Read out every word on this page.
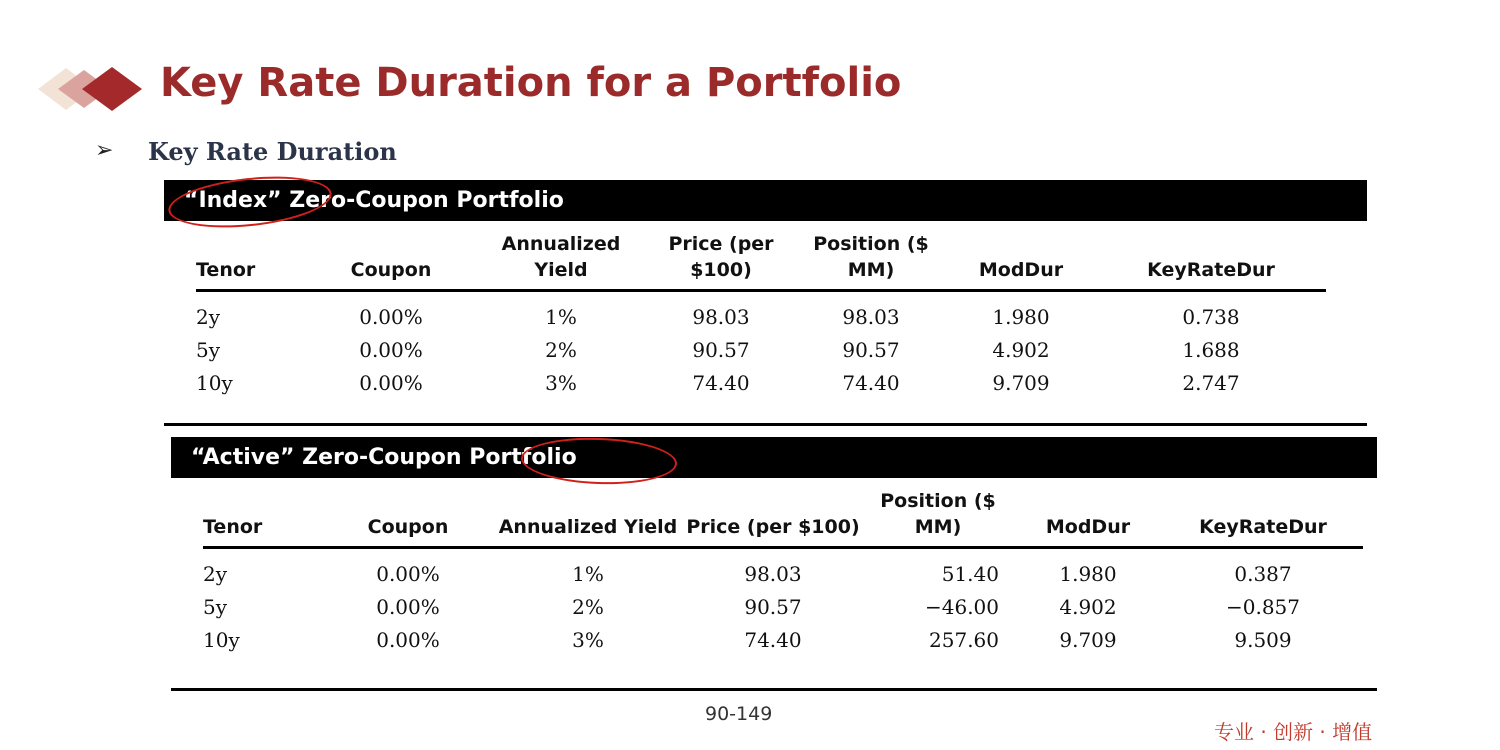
Key Rate Duration for a Portfolio
➢ Key Rate Duration
“Index” Zero-Coupon Portfolio
Tenor	Coupon	Annualized Yield	Price (per $100)	Position ($ MM)	ModDur	KeyRateDur
2y	0.00%	1%	98.03	98.03	1.980	0.738
5y	0.00%	2%	90.57	90.57	4.902	1.688
10y	0.00%	3%	74.40	74.40	9.709	2.747
“Active” Zero-Coupon Portfolio
Tenor	Coupon	Annualized Yield	Price (per $100)	Position ($ MM)	ModDur	KeyRateDur
2y	0.00%	1%	98.03	51.40	1.980	0.387
5y	0.00%	2%	90.57	−46.00	4.902	−0.857
10y	0.00%	3%	74.40	257.60	9.709	9.509
90-149
专业 · 创新 · 增值
